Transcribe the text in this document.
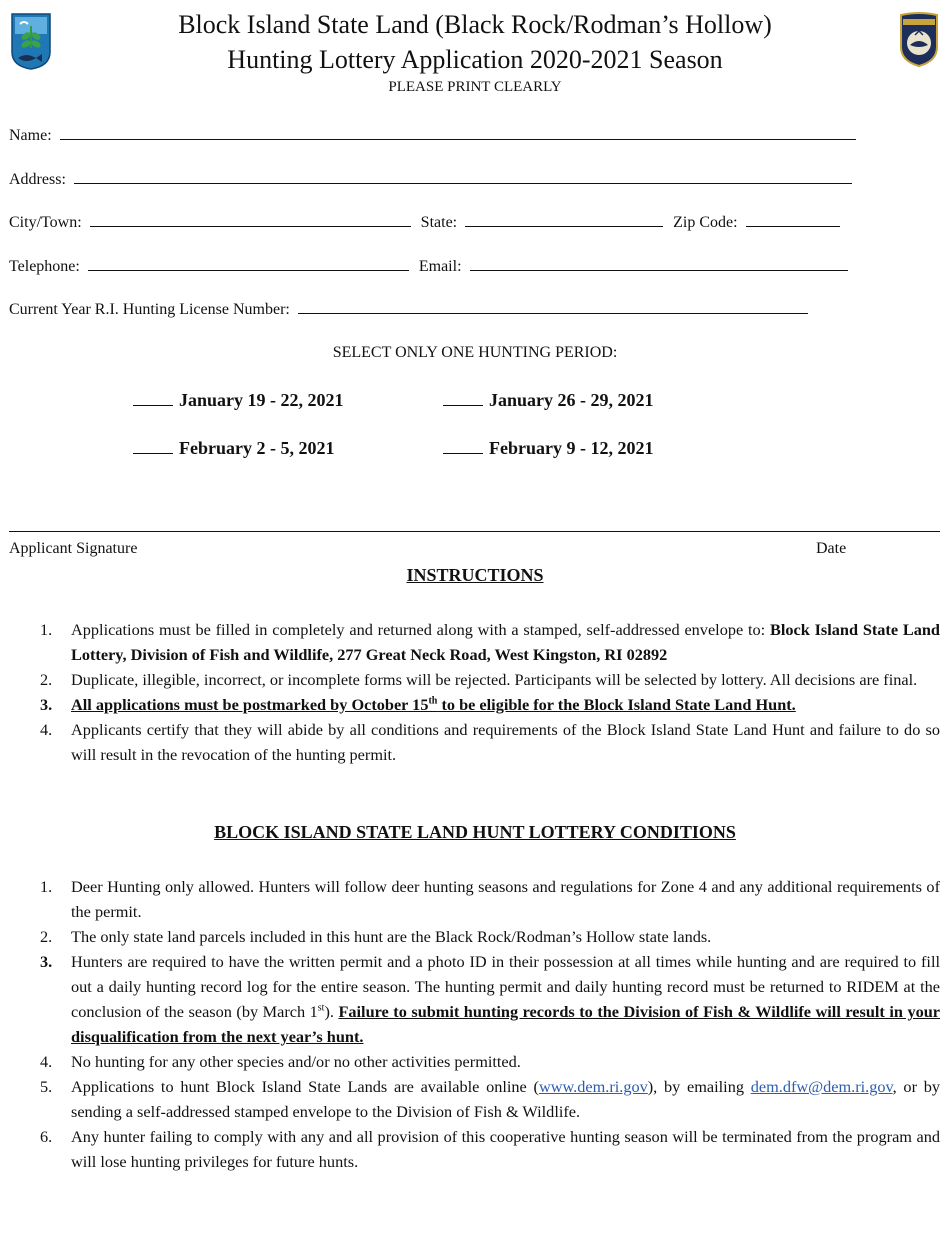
Block Island State Land (Black Rock/Rodman’s Hollow)
Hunting Lottery Application 2020-2021 Season
PLEASE PRINT CLEARLY
Name:
Address:
City/Town:	State:	Zip Code:
Telephone:	Email:
Current Year R.I. Hunting License Number:
SELECT ONLY ONE HUNTING PERIOD:
January 19 - 22, 2021	January 26 - 29, 2021
February 2 - 5, 2021	February 9 - 12, 2021
Applicant Signature	Date
INSTRUCTIONS
1. Applications must be filled in completely and returned along with a stamped, self-addressed envelope to: Block Island State Land Lottery, Division of Fish and Wildlife, 277 Great Neck Road, West Kingston, RI 02892
2. Duplicate, illegible, incorrect, or incomplete forms will be rejected. Participants will be selected by lottery. All decisions are final.
3. All applications must be postmarked by October 15th to be eligible for the Block Island State Land Hunt.
4. Applicants certify that they will abide by all conditions and requirements of the Block Island State Land Hunt and failure to do so will result in the revocation of the hunting permit.
BLOCK ISLAND STATE LAND HUNT LOTTERY CONDITIONS
1. Deer Hunting only allowed. Hunters will follow deer hunting seasons and regulations for Zone 4 and any additional requirements of the permit.
2. The only state land parcels included in this hunt are the Black Rock/Rodman’s Hollow state lands.
3. Hunters are required to have the written permit and a photo ID in their possession at all times while hunting and are required to fill out a daily hunting record log for the entire season. The hunting permit and daily hunting record must be returned to RIDEM at the conclusion of the season (by March 1st). Failure to submit hunting records to the Division of Fish & Wildlife will result in your disqualification from the next year’s hunt.
4. No hunting for any other species and/or no other activities permitted.
5. Applications to hunt Block Island State Lands are available online (www.dem.ri.gov), by emailing dem.dfw@dem.ri.gov, or by sending a self-addressed stamped envelope to the Division of Fish & Wildlife.
6. Any hunter failing to comply with any and all provision of this cooperative hunting season will be terminated from the program and will lose hunting privileges for future hunts.
